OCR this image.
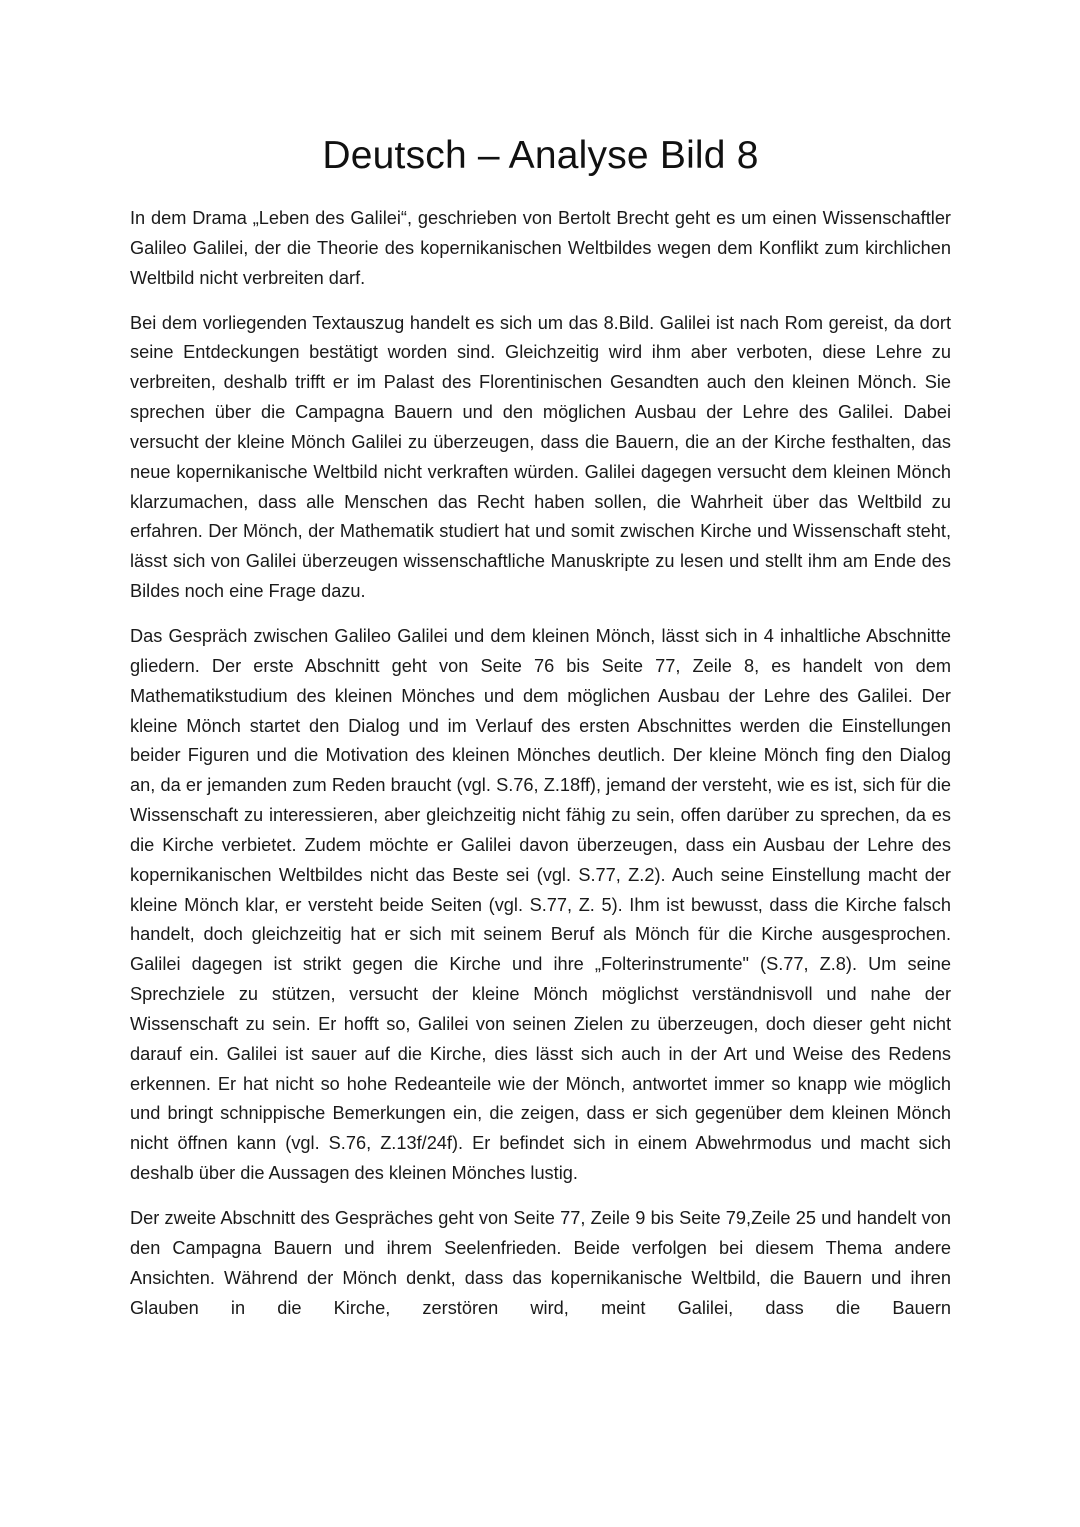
Deutsch – Analyse Bild 8

In dem Drama „Leben des Galilei“, geschrieben von Bertolt Brecht geht es um einen Wissenschaftler Galileo Galilei, der die Theorie des kopernikanischen Weltbildes wegen dem Konflikt zum kirchlichen Weltbild nicht verbreiten darf.

Bei dem vorliegenden Textauszug handelt es sich um das 8.Bild. Galilei ist nach Rom gereist, da dort seine Entdeckungen bestätigt worden sind. Gleichzeitig wird ihm aber verboten, diese Lehre zu verbreiten, deshalb trifft er im Palast des Florentinischen Gesandten auch den kleinen Mönch. Sie sprechen über die Campagna Bauern und den möglichen Ausbau der Lehre des Galilei. Dabei versucht der kleine Mönch Galilei zu überzeugen, dass die Bauern, die an der Kirche festhalten, das neue kopernikanische Weltbild nicht verkraften würden. Galilei dagegen versucht dem kleinen Mönch klarzumachen, dass alle Menschen das Recht haben sollen, die Wahrheit über das Weltbild zu erfahren. Der Mönch, der Mathematik studiert hat und somit zwischen Kirche und Wissenschaft steht, lässt sich von Galilei überzeugen wissenschaftliche Manuskripte zu lesen und stellt ihm am Ende des Bildes noch eine Frage dazu.

Das Gespräch zwischen Galileo Galilei und dem kleinen Mönch, lässt sich in 4 inhaltliche Abschnitte gliedern. Der erste Abschnitt geht von Seite 76 bis Seite 77, Zeile 8, es handelt von dem Mathematikstudium des kleinen Mönches und dem möglichen Ausbau der Lehre des Galilei. Der kleine Mönch startet den Dialog und im Verlauf des ersten Abschnittes werden die Einstellungen beider Figuren und die Motivation des kleinen Mönches deutlich. Der kleine Mönch fing den Dialog an, da er jemanden zum Reden braucht (vgl. S.76, Z.18ff), jemand der versteht, wie es ist, sich für die Wissenschaft zu interessieren, aber gleichzeitig nicht fähig zu sein, offen darüber zu sprechen, da es die Kirche verbietet. Zudem möchte er Galilei davon überzeugen, dass ein Ausbau der Lehre des kopernikanischen Weltbildes nicht das Beste sei (vgl. S.77, Z.2). Auch seine Einstellung macht der kleine Mönch klar, er versteht beide Seiten (vgl. S.77, Z. 5). Ihm ist bewusst, dass die Kirche falsch handelt, doch gleichzeitig hat er sich mit seinem Beruf als Mönch für die Kirche ausgesprochen. Galilei dagegen ist strikt gegen die Kirche und ihre „Folterinstrumente" (S.77, Z.8). Um seine Sprechziele zu stützen, versucht der kleine Mönch möglichst verständnisvoll und nahe der Wissenschaft zu sein. Er hofft so, Galilei von seinen Zielen zu überzeugen, doch dieser geht nicht darauf ein. Galilei ist sauer auf die Kirche, dies lässt sich auch in der Art und Weise des Redens erkennen. Er hat nicht so hohe Redeanteile wie der Mönch, antwortet immer so knapp wie möglich und bringt schnippische Bemerkungen ein, die zeigen, dass er sich gegenüber dem kleinen Mönch nicht öffnen kann (vgl. S.76, Z.13f/24f). Er befindet sich in einem Abwehrmodus und macht sich deshalb über die Aussagen des kleinen Mönches lustig.

Der zweite Abschnitt des Gespräches geht von Seite 77, Zeile 9 bis Seite 79,Zeile 25 und handelt von den Campagna Bauern und ihrem Seelenfrieden. Beide verfolgen bei diesem Thema andere Ansichten. Während der Mönch denkt, dass das kopernikanische Weltbild, die Bauern und ihren Glauben in die Kirche, zerstören wird, meint Galilei, dass die Bauern
